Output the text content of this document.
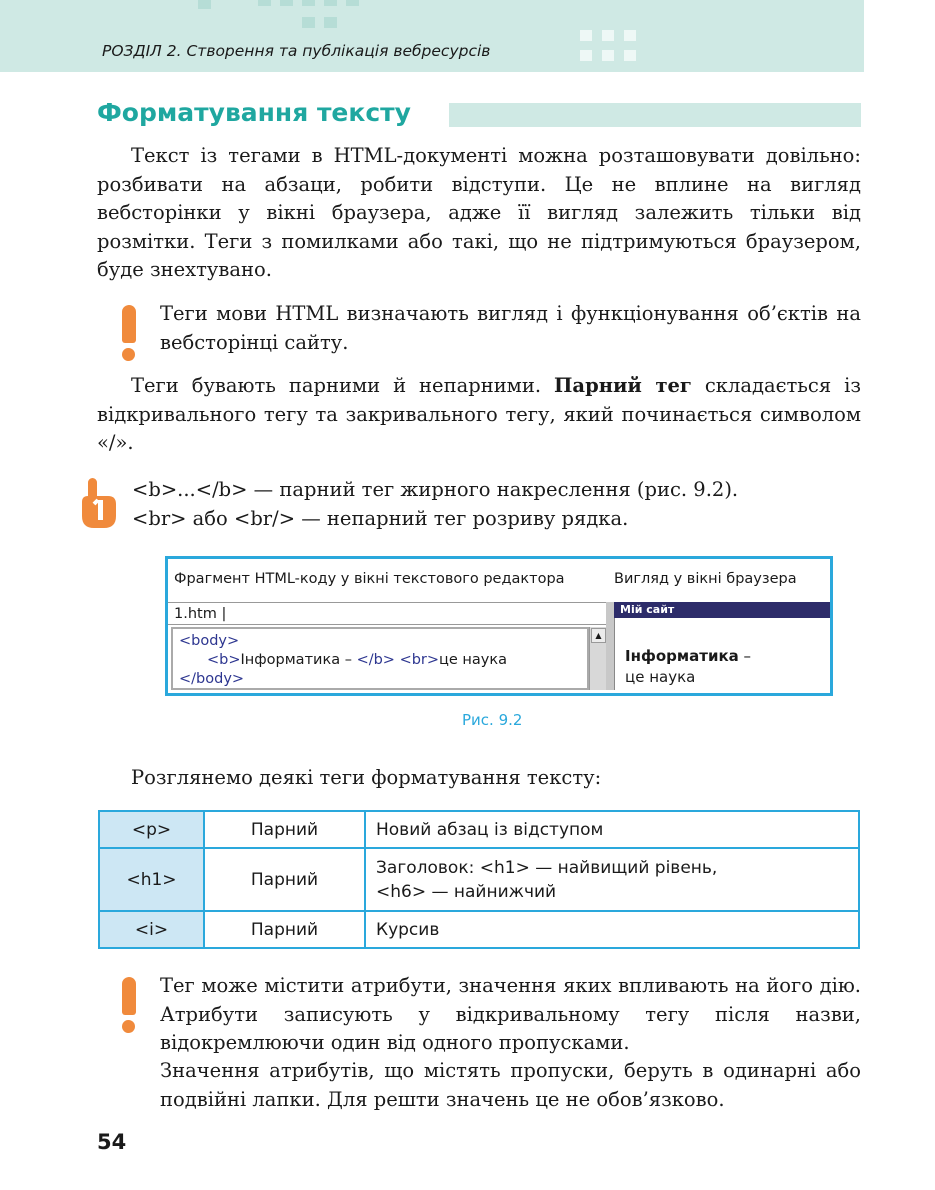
РОЗДІЛ 2. Створення та публікація вебресурсів
Форматування тексту

Текст із тегами в HTML-документі можна розташовувати довільно: розбивати на абзаци, робити відступи. Це не вплине на вигляд вебсторінки у вікні браузера, адже її вигляд залежить тільки від розмітки. Теги з помилками або такі, що не підтримуються браузером, буде знехтувано.

Теги мови HTML визначають вигляд і функціонування об’єктів на вебсторінці сайту.

Теги бувають парними й непарними. Парний тег складається із відкривального тегу та закривального тегу, який починається символом «/».

<b>...</b> — парний тег жирного накреслення (рис. 9.2).

<br> або <br/> — непарний тег розриву рядка.

Фрагмент HTML-коду у вікні текстового редактора	Вигляд у вікні браузера
1.htm |
<body>
<b>Інформатика – </b> <br>це наука
</body>
▲
Мій сайт
Інформатика –
це наука
Рис. 9.2

Розглянемо деякі теги форматування тексту:

<p>	Парний	Новий абзац із відступом
<h1>	Парний	Заголовок: <h1> — найвищий рівень,
<h6> — найнижчий

<i>	Парний	Курсив

Тег може містити атрибути, значення яких впливають на його дію. Атрибути записують у відкривальному тегу після назви, відокремлюючи один від одного пропусками.

Значення атрибутів, що містять пропуски, беруть в одинарні або подвійні лапки. Для решти значень це не обов’язково.

54
